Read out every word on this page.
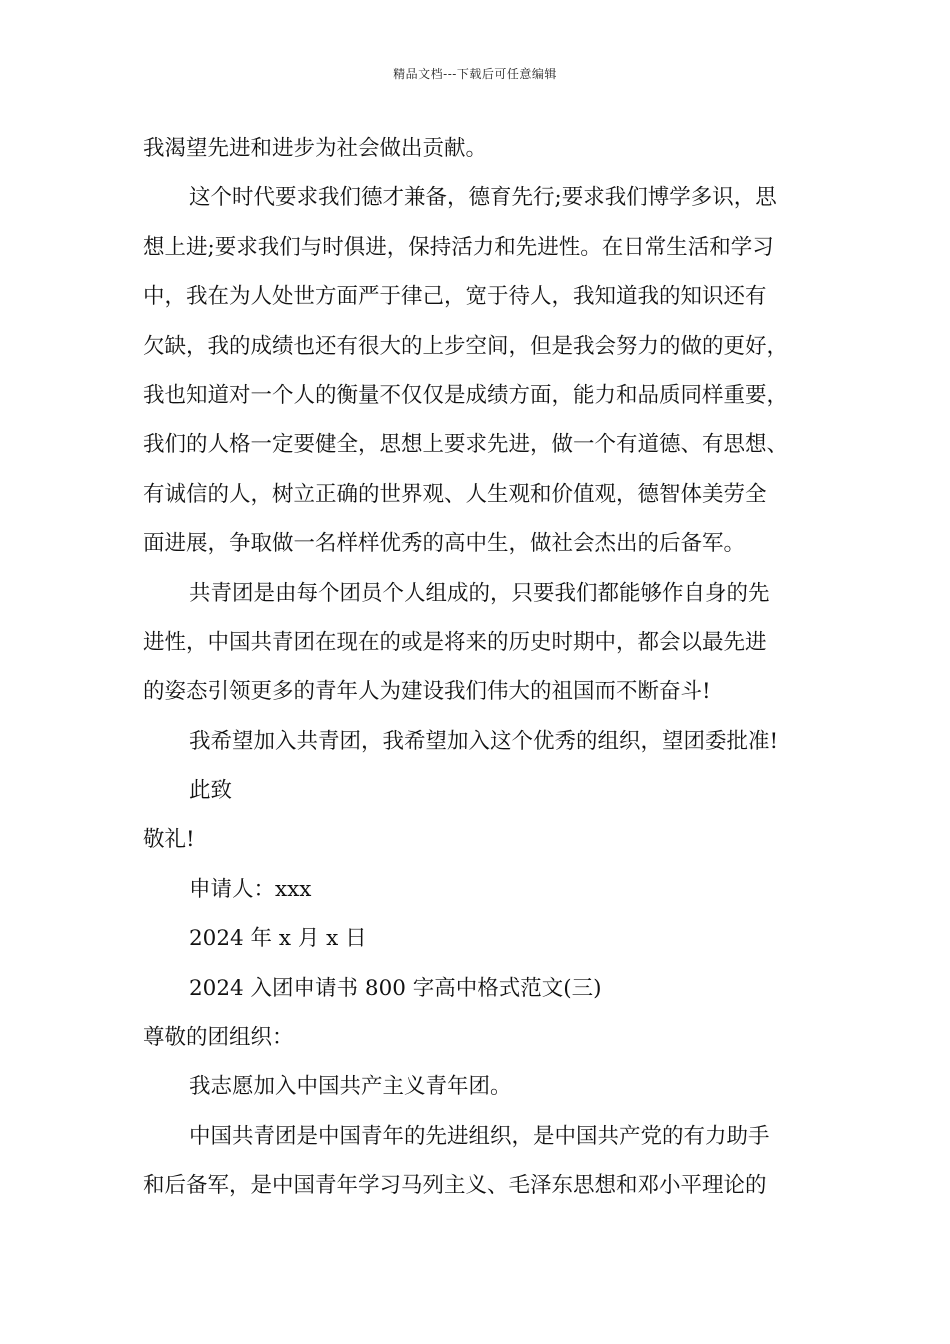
精品文档---下载后可任意编辑
我渴望先进和进步为社会做出贡献。
这个时代要求我们德才兼备，德育先行;要求我们博学多识，思
想上进;要求我们与时俱进，保持活力和先进性。在日常生活和学习
中，我在为人处世方面严于律己，宽于待人，我知道我的知识还有
欠缺，我的成绩也还有很大的上步空间，但是我会努力的做的更好，
我也知道对一个人的衡量不仅仅是成绩方面，能力和品质同样重要，
我们的人格一定要健全，思想上要求先进，做一个有道德、有思想、
有诚信的人，树立正确的世界观、人生观和价值观，德智体美劳全
面进展，争取做一名样样优秀的高中生，做社会杰出的后备军。
共青团是由每个团员个人组成的，只要我们都能够作自身的先
进性，中国共青团在现在的或是将来的历史时期中，都会以最先进
的姿态引领更多的青年人为建设我们伟大的祖国而不断奋斗!
我希望加入共青团，我希望加入这个优秀的组织，望团委批准!
此致
敬礼!
申请人：xxx
2024 年 x 月 x 日
2024 入团申请书 800 字高中格式范文(三)
尊敬的团组织：
我志愿加入中国共产主义青年团。
中国共青团是中国青年的先进组织，是中国共产党的有力助手
和后备军，是中国青年学习马列主义、毛泽东思想和邓小平理论的
